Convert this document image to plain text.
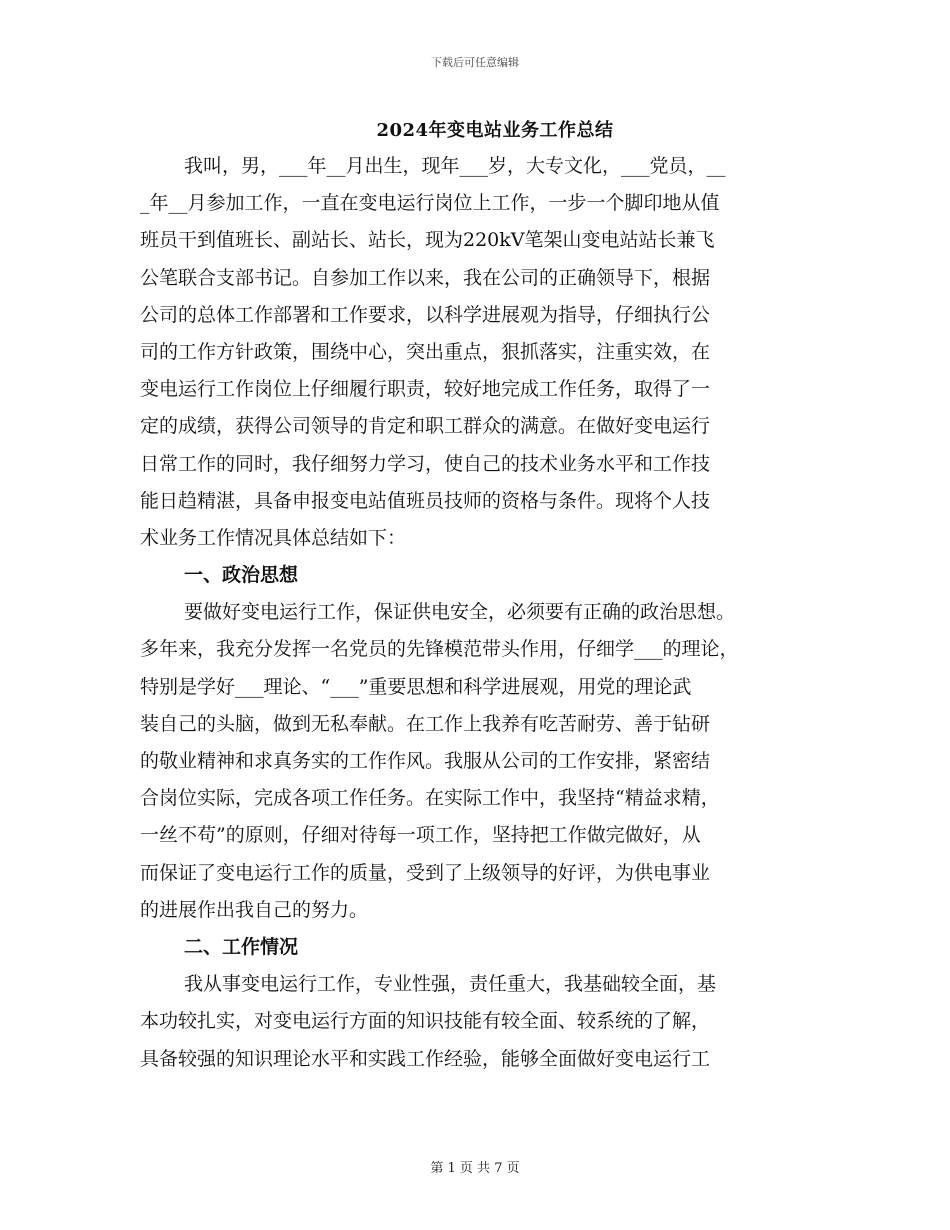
下载后可任意编辑
2024年变电站业务工作总结
我叫，男，___年__月出生，现年___岁，大专文化，___党员，__
_年__月参加工作，一直在变电运行岗位上工作，一步一个脚印地从值
班员干到值班长、副站长、站长，现为220kV笔架山变电站站长兼飞
公笔联合支部书记。自参加工作以来，我在公司的正确领导下，根据
公司的总体工作部署和工作要求，以科学进展观为指导，仔细执行公
司的工作方针政策，围绕中心，突出重点，狠抓落实，注重实效，在
变电运行工作岗位上仔细履行职责，较好地完成工作任务，取得了一
定的成绩，获得公司领导的肯定和职工群众的满意。在做好变电运行
日常工作的同时，我仔细努力学习，使自己的技术业务水平和工作技
能日趋精湛，具备申报变电站值班员技师的资格与条件。现将个人技
术业务工作情况具体总结如下：
一、政治思想
要做好变电运行工作，保证供电安全，必须要有正确的政治思想。
多年来，我充分发挥一名党员的先锋模范带头作用，仔细学___的理论，
特别是学好___理论、“___”重要思想和科学进展观，用党的理论武
装自己的头脑，做到无私奉献。在工作上我养有吃苦耐劳、善于钻研
的敬业精神和求真务实的工作作风。我服从公司的工作安排，紧密结
合岗位实际，完成各项工作任务。在实际工作中，我坚持“精益求精，
一丝不苟”的原则，仔细对待每一项工作，坚持把工作做完做好，从
而保证了变电运行工作的质量，受到了上级领导的好评，为供电事业
的进展作出我自己的努力。
二、工作情况
我从事变电运行工作，专业性强，责任重大，我基础较全面，基
本功较扎实，对变电运行方面的知识技能有较全面、较系统的了解，
具备较强的知识理论水平和实践工作经验，能够全面做好变电运行工
第 1 页 共 7 页
